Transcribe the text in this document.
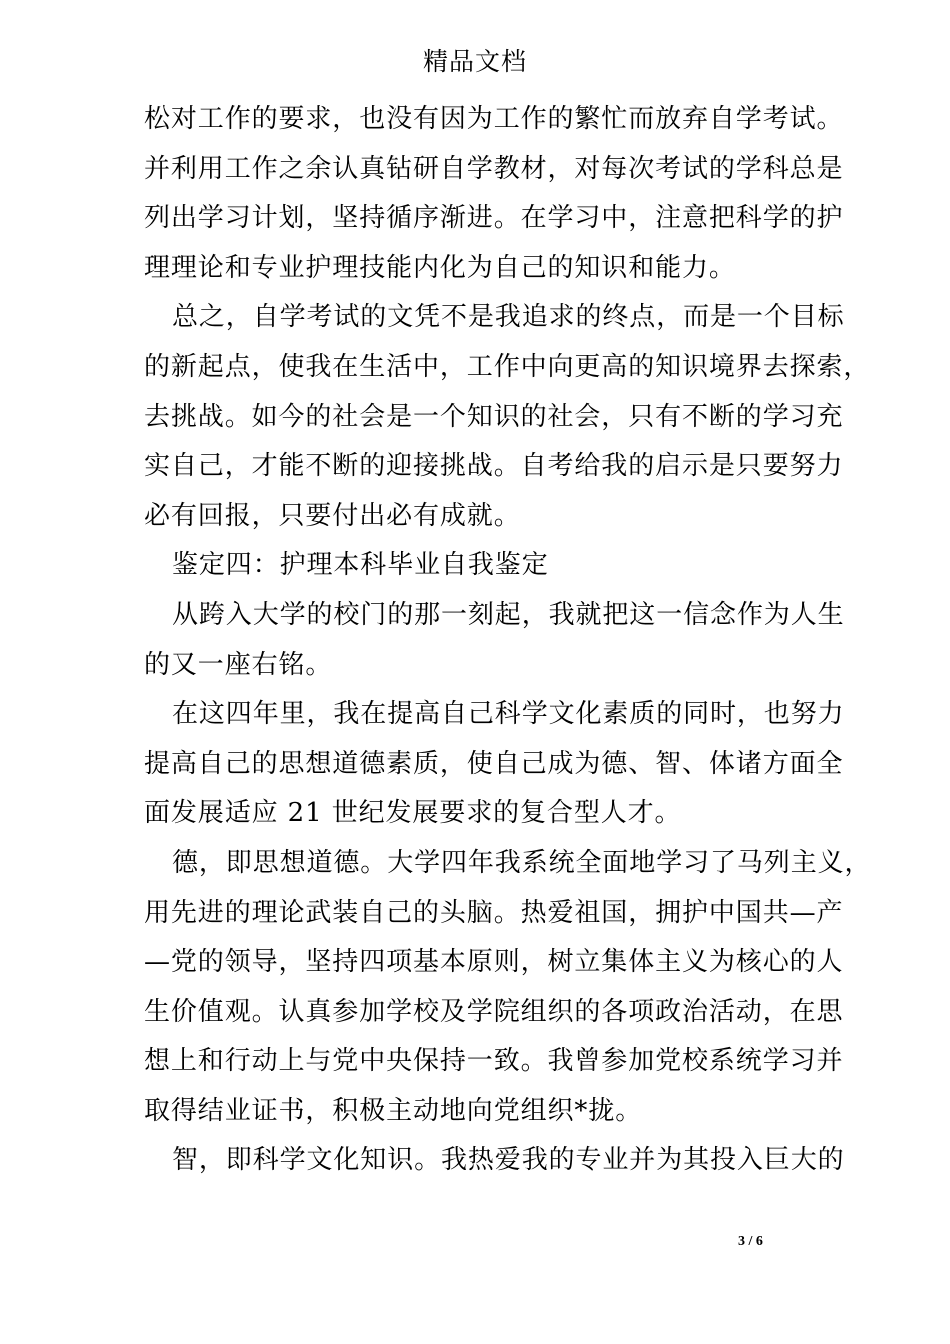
精品文档
松对工作的要求，也没有因为工作的繁忙而放弃自学考试。
并利用工作之余认真钻研自学教材，对每次考试的学科总是
列出学习计划，坚持循序渐进。在学习中，注意把科学的护
理理论和专业护理技能内化为自己的知识和能力。
总之，自学考试的文凭不是我追求的终点，而是一个目标
的新起点，使我在生活中，工作中向更高的知识境界去探索，
去挑战。如今的社会是一个知识的社会，只有不断的学习充
实自己，才能不断的迎接挑战。自考给我的启示是只要努力
必有回报，只要付出必有成就。
鉴定四：护理本科毕业自我鉴定
从跨入大学的校门的那一刻起，我就把这一信念作为人生
的又一座右铭。
在这四年里，我在提高自己科学文化素质的同时，也努力
提高自己的思想道德素质，使自己成为德、智、体诸方面全
面发展适应 21 世纪发展要求的复合型人才。
德，即思想道德。大学四年我系统全面地学习了马列主义，
用先进的理论武装自己的头脑。热爱祖国，拥护中国共—产
—党的领导，坚持四项基本原则，树立集体主义为核心的人
生价值观。认真参加学校及学院组织的各项政治活动，在思
想上和行动上与党中央保持一致。我曾参加党校系统学习并
取得结业证书，积极主动地向党组织*拢。
智，即科学文化知识。我热爱我的专业并为其投入巨大的
3 / 6
